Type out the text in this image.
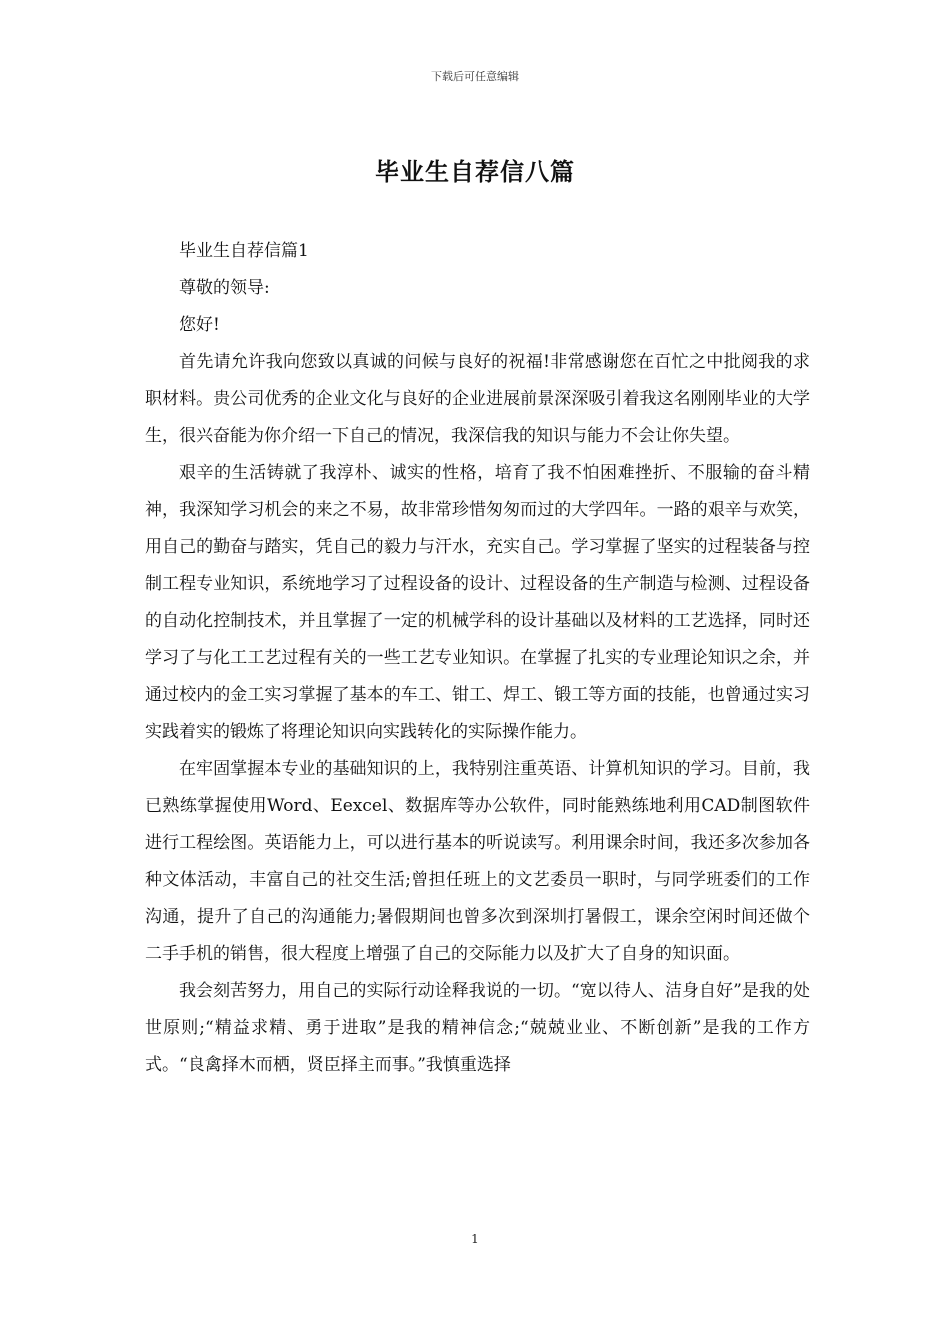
下载后可任意编辑
毕业生自荐信八篇

毕业生自荐信篇1

尊敬的领导:

您好!

首先请允许我向您致以真诚的问候与良好的祝福!非常感谢您在百忙之中批阅我的求职材料。贵公司优秀的企业文化与良好的企业进展前景深深吸引着我这名刚刚毕业的大学生，很兴奋能为你介绍一下自己的情况，我深信我的知识与能力不会让你失望。

艰辛的生活铸就了我淳朴、诚实的性格，培育了我不怕困难挫折、不服输的奋斗精神，我深知学习机会的来之不易，故非常珍惜匆匆而过的大学四年。一路的艰辛与欢笑，用自己的勤奋与踏实，凭自己的毅力与汗水，充实自己。学习掌握了坚实的过程装备与控制工程专业知识，系统地学习了过程设备的设计、过程设备的生产制造与检测、过程设备的自动化控制技术，并且掌握了一定的机械学科的设计基础以及材料的工艺选择，同时还学习了与化工工艺过程有关的一些工艺专业知识。在掌握了扎实的专业理论知识之余，并通过校内的金工实习掌握了基本的车工、钳工、焊工、锻工等方面的技能，也曾通过实习实践着实的锻炼了将理论知识向实践转化的实际操作能力。

在牢固掌握本专业的基础知识的上，我特别注重英语、计算机知识的学习。目前，我已熟练掌握使用Word、Eexcel、数据库等办公软件，同时能熟练地利用CAD制图软件进行工程绘图。英语能力上，可以进行基本的听说读写。利用课余时间，我还多次参加各种文体活动，丰富自己的社交生活;曾担任班上的文艺委员一职时，与同学班委们的工作沟通，提升了自己的沟通能力;暑假期间也曾多次到深圳打暑假工，课余空闲时间还做个二手手机的销售，很大程度上增强了自己的交际能力以及扩大了自身的知识面。

我会刻苦努力，用自己的实际行动诠释我说的一切。“宽以待人、洁身自好”是我的处世原则;“精益求精、勇于进取”是我的精神信念;“兢兢业业、不断创新”是我的工作方式。“良禽择木而栖，贤臣择主而事。”我慎重选择

1
